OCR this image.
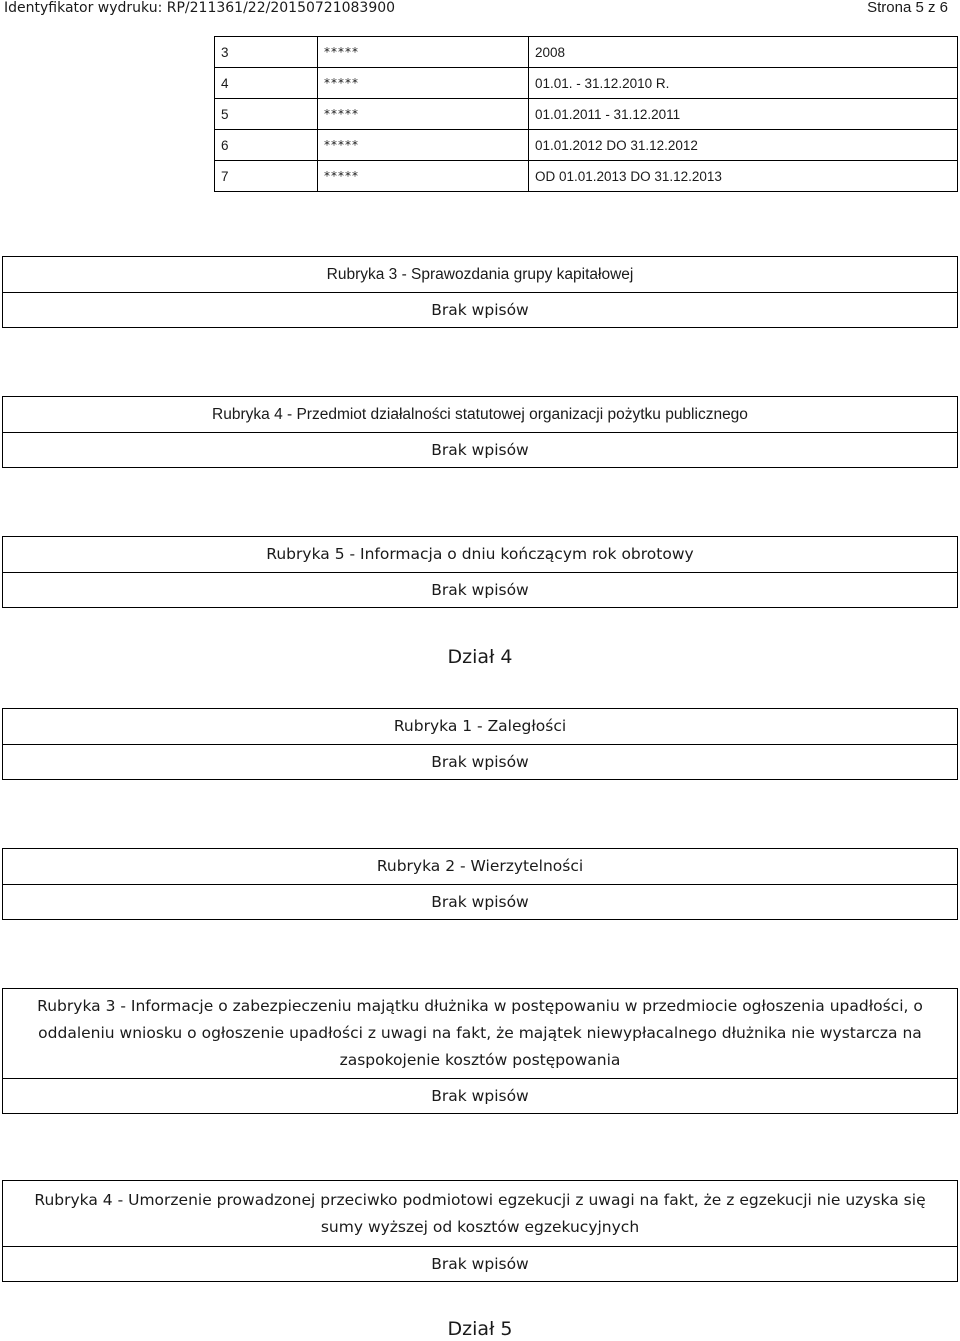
Identyfikator wydruku: RP/211361/22/20150721083900	Strona 5 z 6
3	*****	2008
4	*****	01.01. - 31.12.2010 R.
5	*****	01.01.2011 - 31.12.2011
6	*****	01.01.2012 DO 31.12.2012
7	*****	OD 01.01.2013 DO 31.12.2013
Rubryka 3 - Sprawozdania grupy kapitałowej
Brak wpisów
Rubryka 4 - Przedmiot działalności statutowej organizacji pożytku publicznego
Brak wpisów
Rubryka 5 - Informacja o dniu kończącym rok obrotowy
Brak wpisów
Dział 4
Rubryka 1 - Zaległości
Brak wpisów
Rubryka 2 - Wierzytelności
Brak wpisów
Rubryka 3 - Informacje o zabezpieczeniu majątku dłużnika w postępowaniu w przedmiocie ogłoszenia upadłości, o oddaleniu wniosku o ogłoszenie upadłości z uwagi na fakt, że majątek niewypłacalnego dłużnika nie wystarcza na zaspokojenie kosztów postępowania
Brak wpisów
Rubryka 4 - Umorzenie prowadzonej przeciwko podmiotowi egzekucji z uwagi na fakt, że z egzekucji nie uzyska się sumy wyższej od kosztów egzekucyjnych
Brak wpisów
Dział 5
